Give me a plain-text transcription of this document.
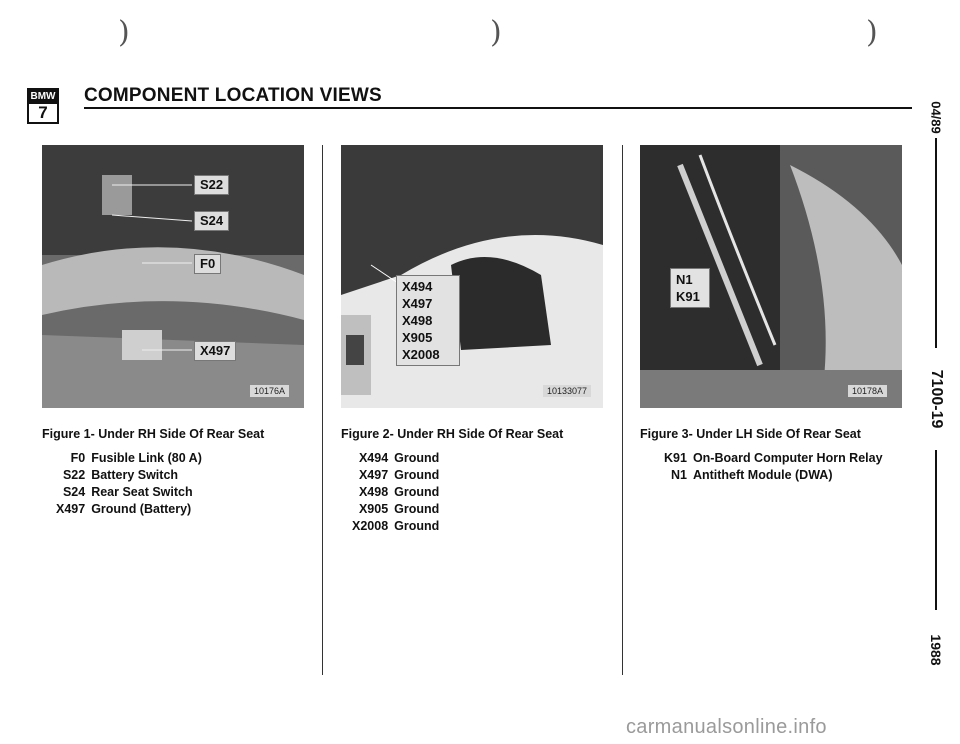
)	)	)
BMW
7
COMPONENT LOCATION VIEWS
S22
S24
F0
X497
10176A
X494
X497
X498
X905
X2008
10133077
N1
K91
10178A
Figure 1- Under RH Side Of Rear Seat	Figure 2- Under RH Side Of Rear Seat	Figure 3- Under LH Side Of Rear Seat
F0	Fusible Link (80 A)
S22	Battery Switch
S24	Rear Seat Switch
X497	Ground (Battery)
X494	Ground
X497	Ground
X498	Ground
X905	Ground
X2008	Ground
K91	On-Board Computer Horn Relay
N1	Antitheft Module (DWA)
04/89
7100-19
1988
carmanualsonline.info
